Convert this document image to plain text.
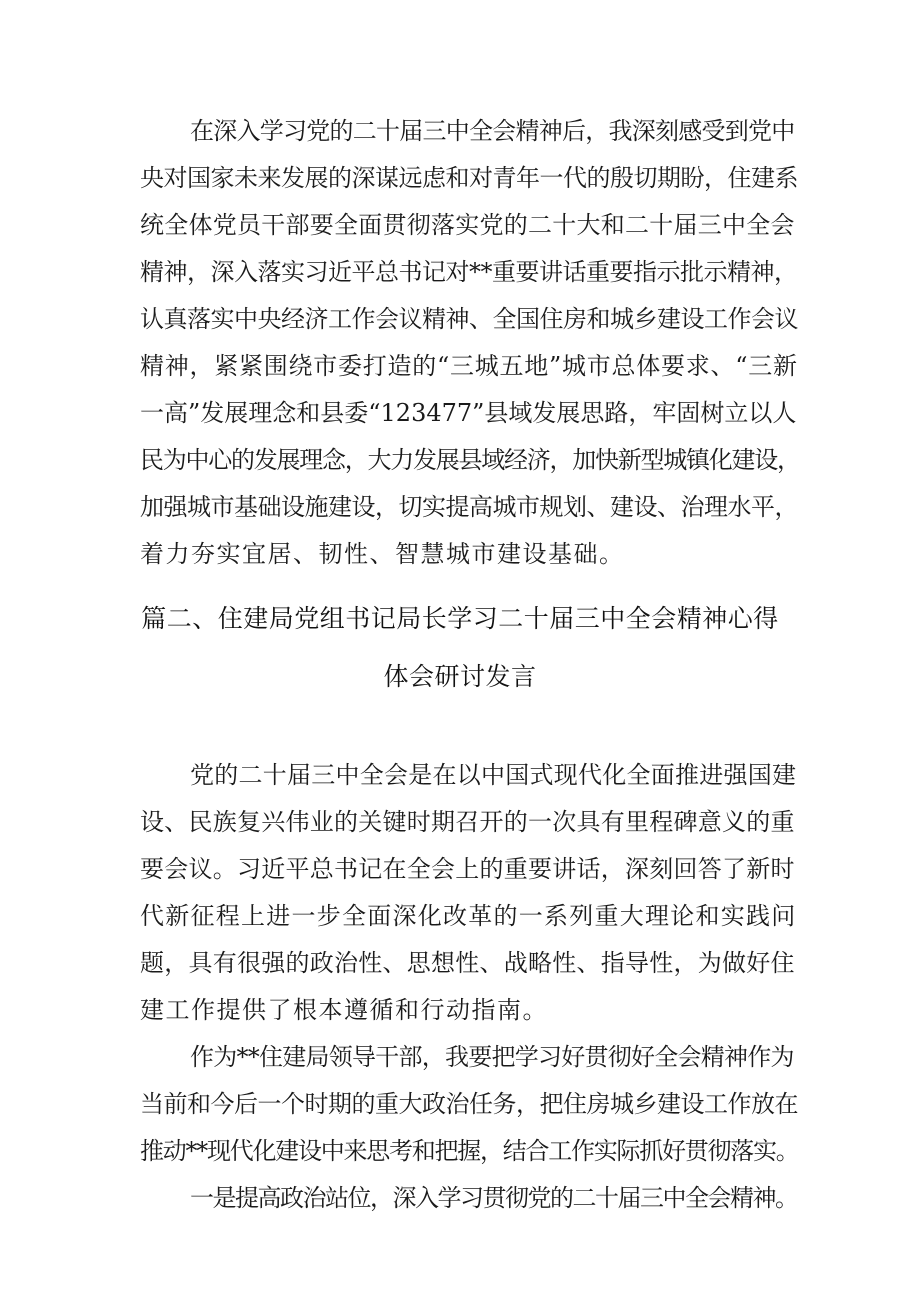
在深入学习党的二十届三中全会精神后，我深刻感受到党中
央对国家未来发展的深谋远虑和对青年一代的殷切期盼，住建系
统全体党员干部要全面贯彻落实党的二十大和二十届三中全会
精神，深入落实习近平总书记对**重要讲话重要指示批示精神，
认真落实中央经济工作会议精神、全国住房和城乡建设工作会议
精神，紧紧围绕市委打造的“三城五地”城市总体要求、“三新
一高”发展理念和县委“123477”县域发展思路，牢固树立以人
民为中心的发展理念，大力发展县域经济，加快新型城镇化建设，
加强城市基础设施建设，切实提高城市规划、建设、治理水平，
着力夯实宜居、韧性、智慧城市建设基础。
篇二、住建局党组书记局长学习二十届三中全会精神心得
体会研讨发言
党的二十届三中全会是在以中国式现代化全面推进强国建
设、民族复兴伟业的关键时期召开的一次具有里程碑意义的重
要会议。习近平总书记在全会上的重要讲话，深刻回答了新时
代新征程上进一步全面深化改革的一系列重大理论和实践问
题，具有很强的政治性、思想性、战略性、指导性，为做好住
建工作提供了根本遵循和行动指南。
作为**住建局领导干部，我要把学习好贯彻好全会精神作为
当前和今后一个时期的重大政治任务，把住房城乡建设工作放在
推动**现代化建设中来思考和把握，结合工作实际抓好贯彻落实。
一是提高政治站位，深入学习贯彻党的二十届三中全会精神。
